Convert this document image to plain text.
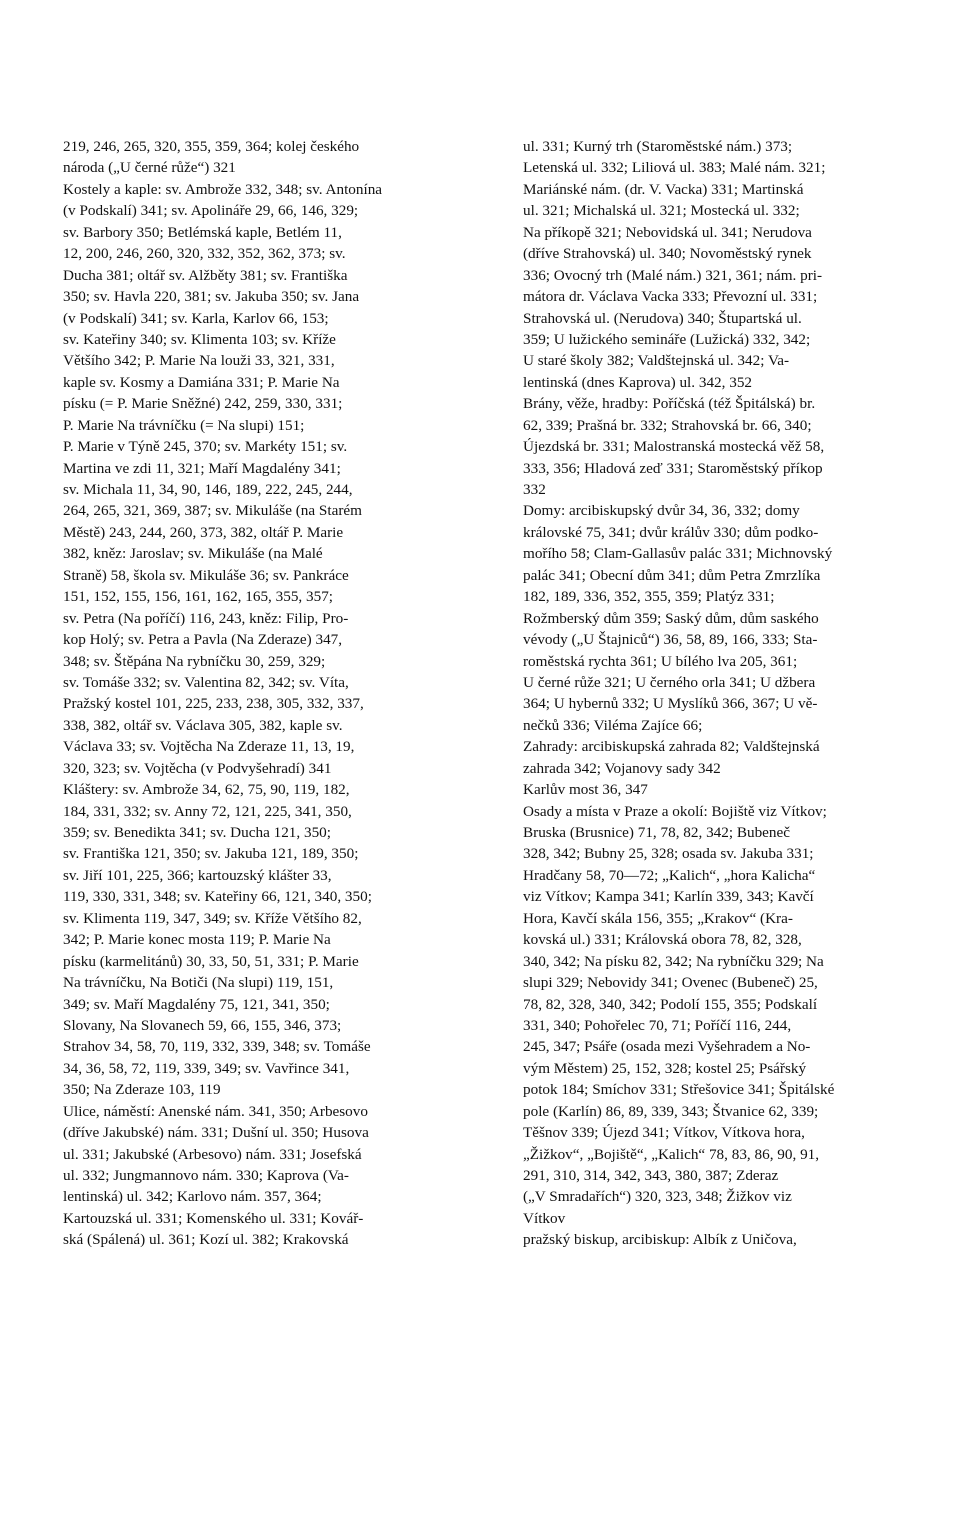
219, 246, 265, 320, 355, 359, 364; kolej českého
národa („U černé růže“) 321
Kostely a kaple: sv. Ambrože 332, 348; sv. Antonína
(v Podskalí) 341; sv. Apolináře 29, 66, 146, 329;
sv. Barbory 350; Betlémská kaple, Betlém 11,
12, 200, 246, 260, 320, 332, 352, 362, 373; sv.
Ducha 381; oltář sv. Alžběty 381; sv. Františka
350; sv. Havla 220, 381; sv. Jakuba 350; sv. Jana
(v Podskalí) 341; sv. Karla, Karlov 66, 153;
sv. Kateřiny 340; sv. Klimenta 103; sv. Kříže
Většího 342; P. Marie Na louži 33, 321, 331,
kaple sv. Kosmy a Damiána 331; P. Marie Na
písku (= P. Marie Sněžné) 242, 259, 330, 331;
P. Marie Na trávníčku (= Na slupi) 151;
P. Marie v Týně 245, 370; sv. Markéty 151; sv.
Martina ve zdi 11, 321; Maří Magdalény 341;
sv. Michala 11, 34, 90, 146, 189, 222, 245, 244,
264, 265, 321, 369, 387; sv. Mikuláše (na Starém
Městě) 243, 244, 260, 373, 382, oltář P. Marie
382, kněz: Jaroslav; sv. Mikuláše (na Malé
Straně) 58, škola sv. Mikuláše 36; sv. Pankráce
151, 152, 155, 156, 161, 162, 165, 355, 357;
sv. Petra (Na poříčí) 116, 243, kněz: Filip, Pro-
kop Holý; sv. Petra a Pavla (Na Zderaze) 347,
348; sv. Štěpána Na rybníčku 30, 259, 329;
sv. Tomáše 332; sv. Valentina 82, 342; sv. Víta,
Pražský kostel 101, 225, 233, 238, 305, 332, 337,
338, 382, oltář sv. Václava 305, 382, kaple sv.
Václava 33; sv. Vojtěcha Na Zderaze 11, 13, 19,
320, 323; sv. Vojtěcha (v Podvyšehradí) 341
Kláštery: sv. Ambrože 34, 62, 75, 90, 119, 182,
184, 331, 332; sv. Anny 72, 121, 225, 341, 350,
359; sv. Benedikta 341; sv. Ducha 121, 350;
sv. Františka 121, 350; sv. Jakuba 121, 189, 350;
sv. Jiří 101, 225, 366; kartouzský klášter 33,
119, 330, 331, 348; sv. Kateřiny 66, 121, 340, 350;
sv. Klimenta 119, 347, 349; sv. Kříže Většího 82,
342; P. Marie konec mosta 119; P. Marie Na
písku (karmelitánů) 30, 33, 50, 51, 331; P. Marie
Na trávníčku, Na Botiči (Na slupi) 119, 151,
349; sv. Maří Magdalény 75, 121, 341, 350;
Slovany, Na Slovanech 59, 66, 155, 346, 373;
Strahov 34, 58, 70, 119, 332, 339, 348; sv. Tomáše
34, 36, 58, 72, 119, 339, 349; sv. Vavřince 341,
350; Na Zderaze 103, 119
Ulice, náměstí: Anenské nám. 341, 350; Arbesovo
(dříve Jakubské) nám. 331; Dušní ul. 350; Husova
ul. 331; Jakubské (Arbesovo) nám. 331; Josefská
ul. 332; Jungmannovo nám. 330; Kaprova (Va-
lentinská) ul. 342; Karlovo nám. 357, 364;
Kartouzská ul. 331; Komenského ul. 331; Kovář-
ská (Spálená) ul. 361; Kozí ul. 382; Krakovská
ul. 331; Kurný trh (Staroměstské nám.) 373;
Letenská ul. 332; Liliová ul. 383; Malé nám. 321;
Mariánské nám. (dr. V. Vacka) 331; Martinská
ul. 321; Michalská ul. 321; Mostecká ul. 332;
Na příkopě 321; Nebovidská ul. 341; Nerudova
(dříve Strahovská) ul. 340; Novoměstský rynek
336; Ovocný trh (Malé nám.) 321, 361; nám. pri-
mátora dr. Václava Vacka 333; Převozní ul. 331;
Strahovská ul. (Nerudova) 340; Štupartská ul.
359; U lužického semináře (Lužická) 332, 342;
U staré školy 382; Valdštejnská ul. 342; Va-
lentinská (dnes Kaprova) ul. 342, 352
Brány, věže, hradby: Poříčská (též Špitálská) br.
62, 339; Prašná br. 332; Strahovská br. 66, 340;
Újezdská br. 331; Malostranská mostecká věž 58,
333, 356; Hladová zeď 331; Staroměstský příkop
332
Domy: arcibiskupský dvůr 34, 36, 332; domy
královské 75, 341; dvůr králův 330; dům podko-
mořího 58; Clam-Gallasův palác 331; Michnovský
palác 341; Obecní dům 341; dům Petra Zmrzlíka
182, 189, 336, 352, 355, 359; Platýz 331;
Rožmberský dům 359; Saský dům, dům saského
vévody („U Štajniců“) 36, 58, 89, 166, 333; Sta-
roměstská rychta 361; U bílého lva 205, 361;
U černé růže 321; U černého orla 341; U džbera
364; U hybernů 332; U Myslíků 366, 367; U vě-
nečků 336; Viléma Zajíce 66;
Zahrady: arcibiskupská zahrada 82; Valdštejnská
zahrada 342; Vojanovy sady 342
Karlův most 36, 347
Osady a místa v Praze a okolí: Bojiště viz Vítkov;
Bruska (Brusnice) 71, 78, 82, 342; Bubeneč
328, 342; Bubny 25, 328; osada sv. Jakuba 331;
Hradčany 58, 70—72; „Kalich“, „hora Kalicha“
viz Vítkov; Kampa 341; Karlín 339, 343; Kavčí
Hora, Kavčí skála 156, 355; „Krakov“ (Kra-
kovská ul.) 331; Královská obora 78, 82, 328,
340, 342; Na písku 82, 342; Na rybníčku 329; Na
slupi 329; Nebovidy 341; Ovenec (Bubeneč) 25,
78, 82, 328, 340, 342; Podolí 155, 355; Podskalí
331, 340; Pohořelec 70, 71; Poříčí 116, 244,
245, 347; Psáře (osada mezi Vyšehradem a No-
vým Městem) 25, 152, 328; kostel 25; Psářský
potok 184; Smíchov 331; Střešovice 341; Špitálské
pole (Karlín) 86, 89, 339, 343; Štvanice 62, 339;
Těšnov 339; Újezd 341; Vítkov, Vítkova hora,
„Žižkov“, „Bojiště“, „Kalich“ 78, 83, 86, 90, 91,
291, 310, 314, 342, 343, 380, 387; Zderaz
(„V Smradařích“) 320, 323, 348; Žižkov viz
Vítkov
pražský biskup, arcibiskup: Albík z Uničova,
